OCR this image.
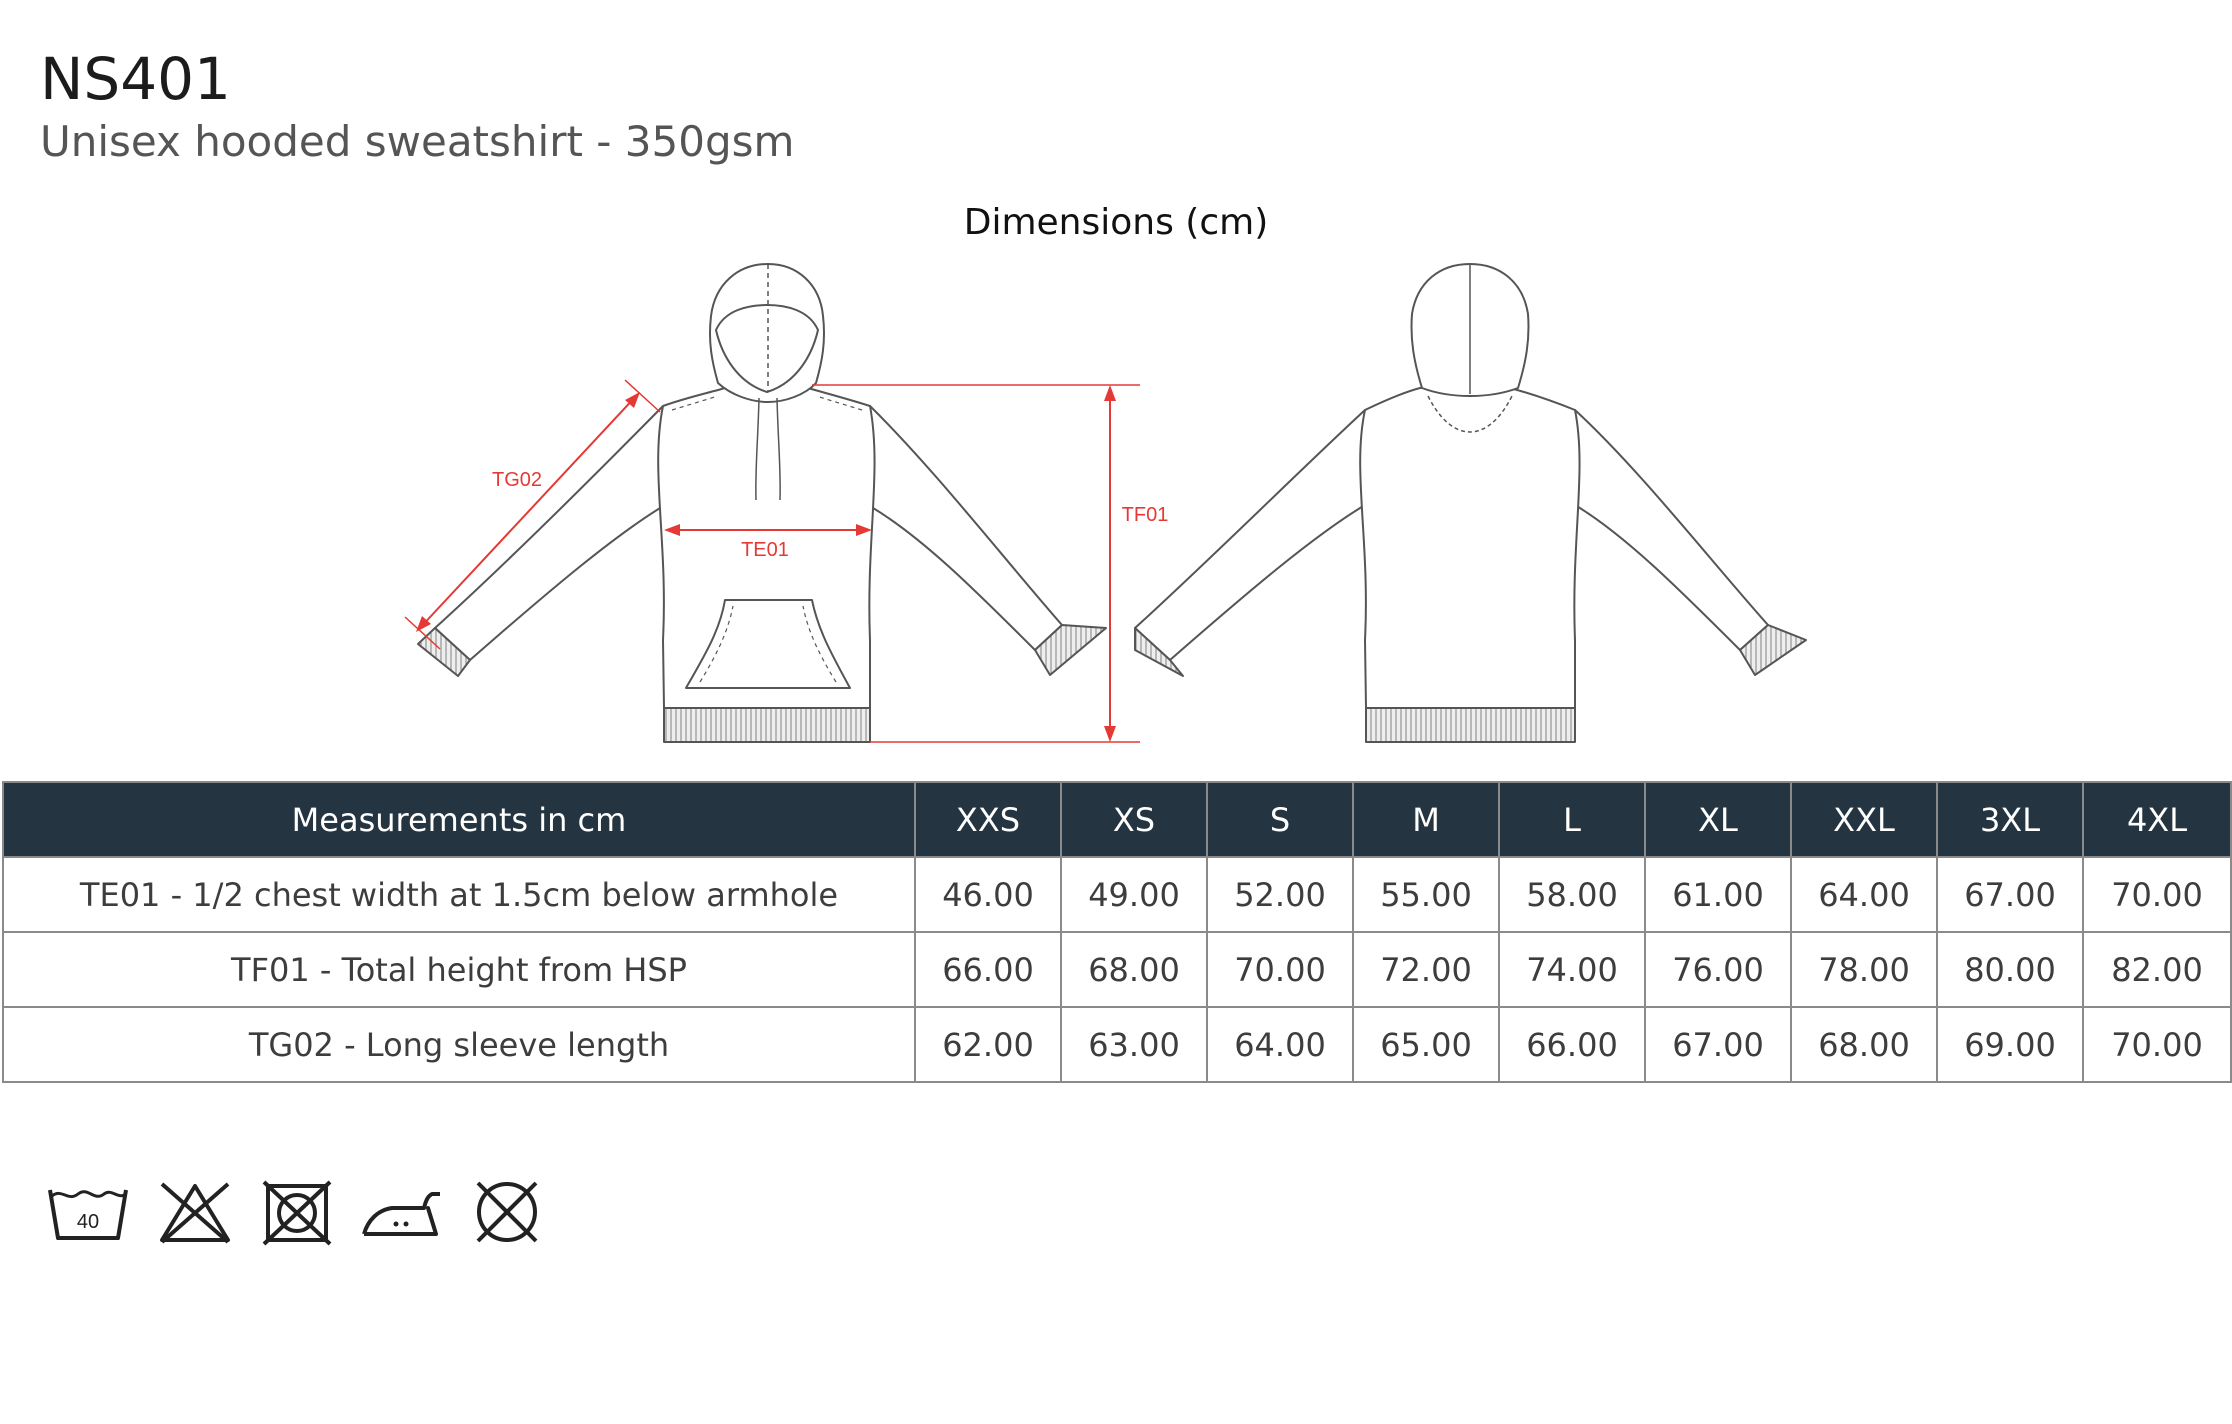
NS401
Unisex hooded sweatshirt - 350gsm
Dimensions (cm)
TE01
TF01
TG02
Measurements in cm	XXS	XS	S	M	L	XL	XXL	3XL	4XL
TE01 - 1/2 chest width at 1.5cm below armhole	46.00	49.00	52.00	55.00	58.00	61.00	64.00	67.00	70.00
TF01 - Total height from HSP	66.00	68.00	70.00	72.00	74.00	76.00	78.00	80.00	82.00
TG02 - Long sleeve length	62.00	63.00	64.00	65.00	66.00	67.00	68.00	69.00	70.00
40
